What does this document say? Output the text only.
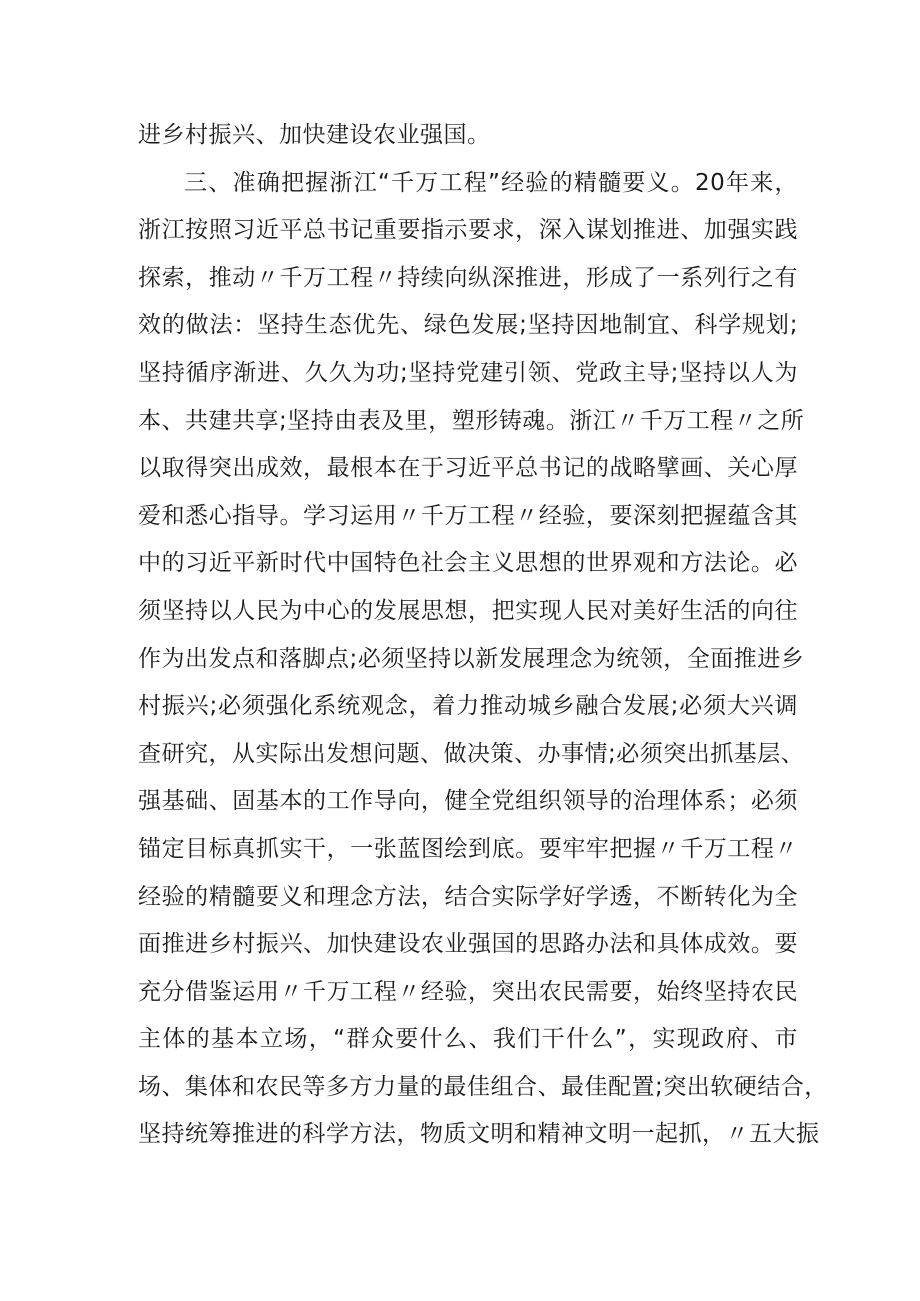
进乡村振兴、加快建设农业强国。
三、准确把握浙江“千万工程”经验的精髓要义。20年来，
浙江按照习近平总书记重要指示要求，深入谋划推进、加强实践
探索，推动〃千万工程〃持续向纵深推进，形成了一系列行之有
效的做法：坚持生态优先、绿色发展;坚持因地制宜、科学规划;
坚持循序渐进、久久为功;坚持党建引领、党政主导;坚持以人为
本、共建共享;坚持由表及里，塑形铸魂。浙江〃千万工程〃之所
以取得突出成效，最根本在于习近平总书记的战略擘画、关心厚
爱和悉心指导。学习运用〃千万工程〃经验，要深刻把握蕴含其
中的习近平新时代中国特色社会主义思想的世界观和方法论。必
须坚持以人民为中心的发展思想，把实现人民对美好生活的向往
作为出发点和落脚点;必须坚持以新发展理念为统领，全面推进乡
村振兴;必须强化系统观念，着力推动城乡融合发展;必须大兴调
查研究，从实际出发想问题、做决策、办事情;必须突出抓基层、
强基础、固基本的工作导向，健全党组织领导的治理体系；必须
锚定目标真抓实干，一张蓝图绘到底。要牢牢把握〃千万工程〃
经验的精髓要义和理念方法，结合实际学好学透，不断转化为全
面推进乡村振兴、加快建设农业强国的思路办法和具体成效。要
充分借鉴运用〃千万工程〃经验，突出农民需要，始终坚持农民
主体的基本立场，“群众要什么、我们干什么”，实现政府、市
场、集体和农民等多方力量的最佳组合、最佳配置;突出软硬结合，
坚持统筹推进的科学方法，物质文明和精神文明一起抓，〃五大振
